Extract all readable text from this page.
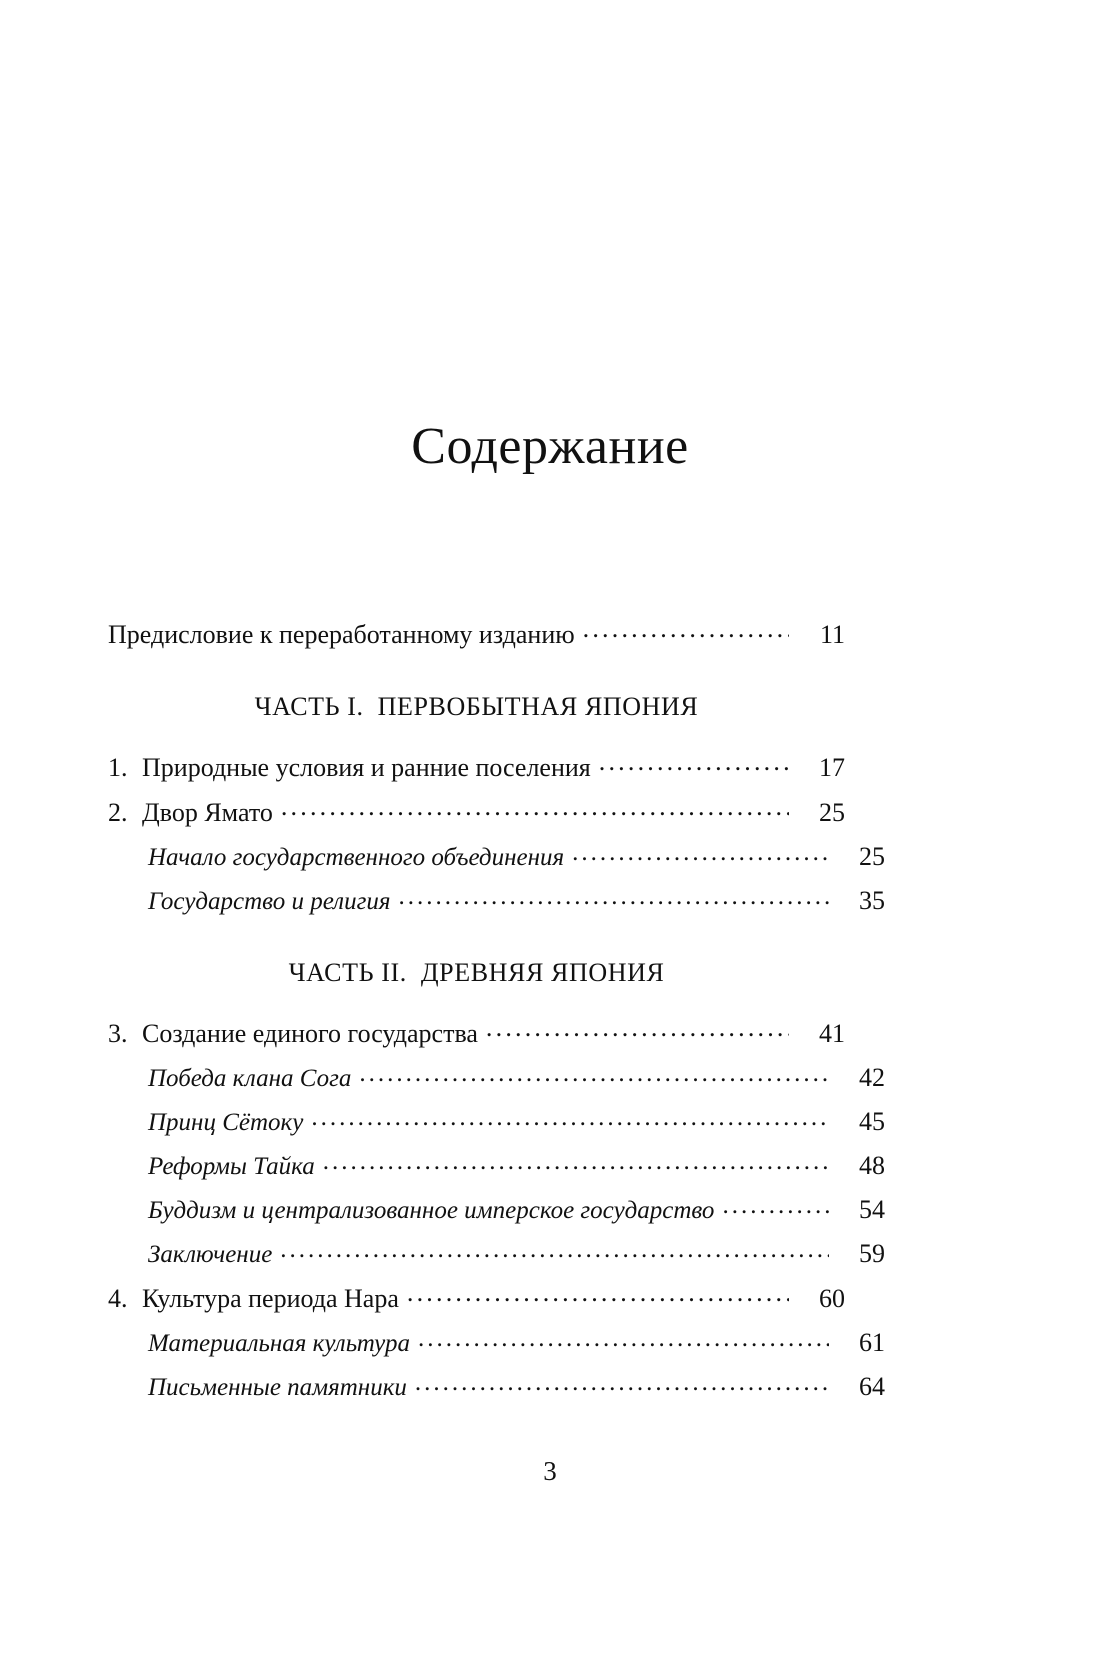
Содержание
Предисловие к переработанному изданию .....	11
ЧАСТЬ I. ПЕРВОБЫТНАЯ ЯПОНИЯ
1. Природные условия и ранние поселения .....	17
2. Двор Ямато .....	25
Начало государственного объединения .....	25
Государство и религия .....	35
ЧАСТЬ II. ДРЕВНЯЯ ЯПОНИЯ
3. Создание единого государства .....	41
Победа клана Сога .....	42
Принц Сётоку .....	45
Реформы Тайка .....	48
Буддизм и централизованное имперское государство .....	54
Заключение .....	59
4. Культура периода Нара .....	60
Материальная культура .....	61
Письменные памятники .....	64
3
